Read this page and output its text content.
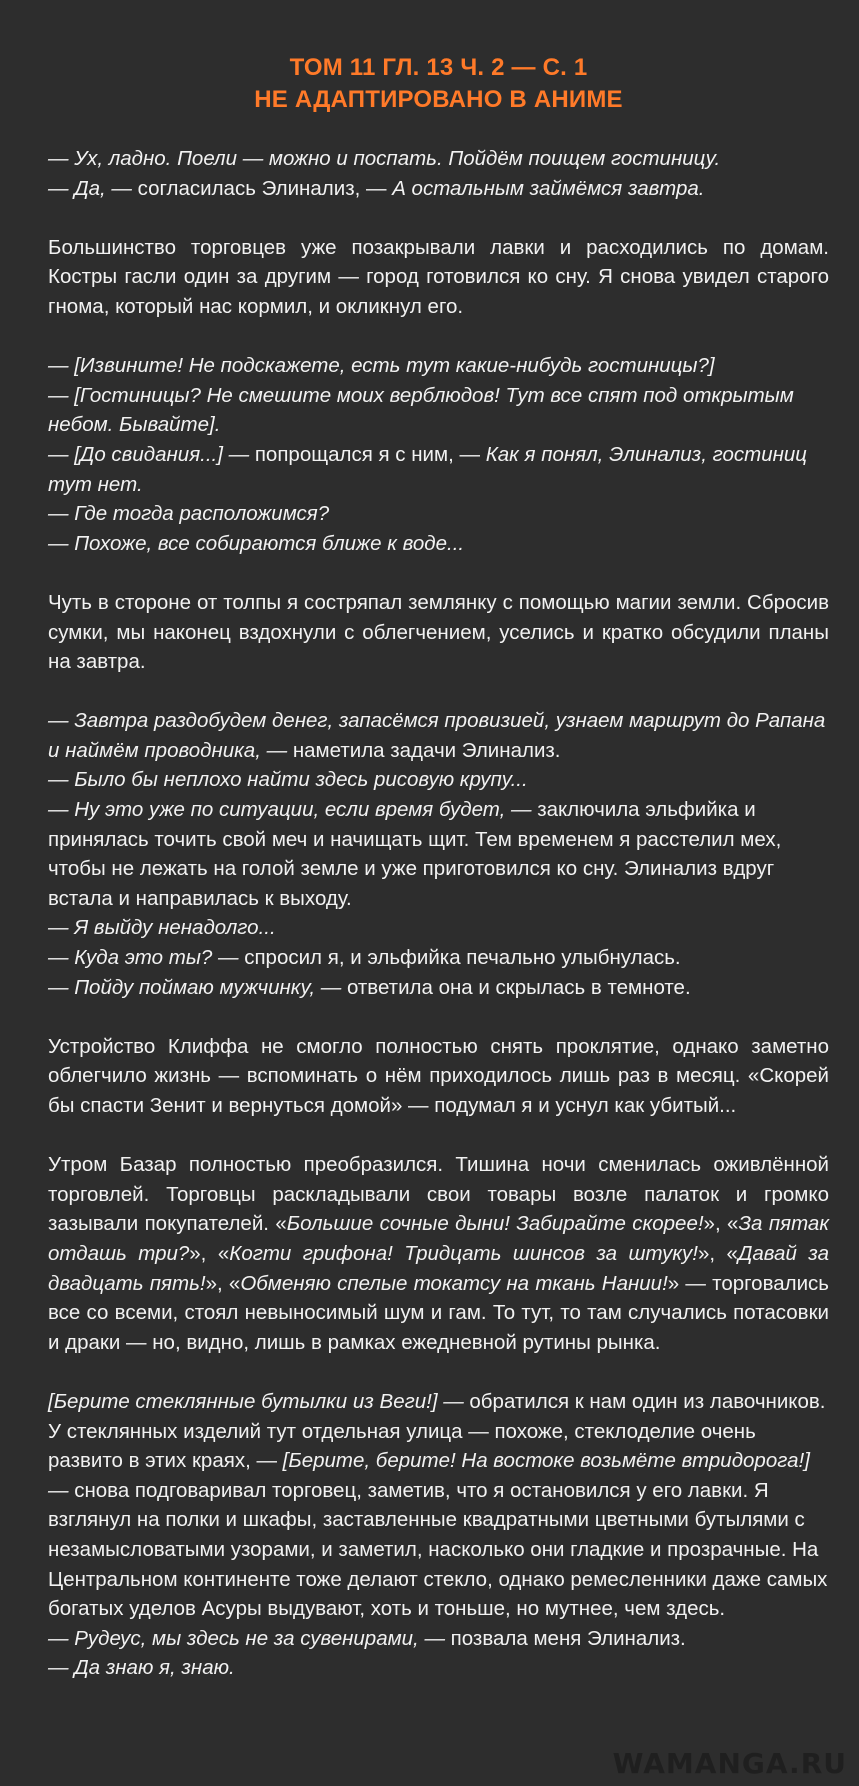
ТОМ 11 ГЛ. 13 Ч. 2 — С. 1
НЕ АДАПТИРОВАНО В АНИМЕ
— Ух, ладно. Поели — можно и поспать. Пойдём поищем гостиницу.
— Да, — согласилась Элинализ, — А остальным займёмся завтра.
Большинство торговцев уже позакрывали лавки и расходились по домам. Костры гасли один за другим — город готовился ко сну. Я снова увидел старого гнома, который нас кормил, и окликнул его.
— [Извините! Не подскажете, есть тут какие-нибудь гостиницы?]
— [Гостиницы? Не смешите моих верблюдов! Тут все спят под открытым небом. Бывайте].
— [До свидания...] — попрощался я с ним, — Как я понял, Элинализ, гостиниц тут нет.
— Где тогда расположимся?
— Похоже, все собираются ближе к воде...
Чуть в стороне от толпы я состряпал землянку с помощью магии земли. Сбросив сумки, мы наконец вздохнули с облегчением, уселись и кратко обсудили планы на завтра.
— Завтра раздобудем денег, запасёмся провизией, узнаем маршрут до Рапана и наймём проводника, — наметила задачи Элинализ.
— Было бы неплохо найти здесь рисовую крупу...
— Ну это уже по ситуации, если время будет, — заключила эльфийка и принялась точить свой меч и начищать щит. Тем временем я расстелил мех, чтобы не лежать на голой земле и уже приготовился ко сну. Элинализ вдруг встала и направилась к выходу.
— Я выйду ненадолго...
— Куда это ты? — спросил я, и эльфийка печально улыбнулась.
— Пойду поймаю мужчинку, — ответила она и скрылась в темноте.
Устройство Клиффа не смогло полностью снять проклятие, однако заметно облегчило жизнь — вспоминать о нём приходилось лишь раз в месяц. «Скорей бы спасти Зенит и вернуться домой» — подумал я и уснул как убитый...
Утром Базар полностью преобразился. Тишина ночи сменилась оживлённой торговлей. Торговцы раскладывали свои товары возле палаток и громко зазывали покупателей. «Большие сочные дыни! Забирайте скорее!», «За пятак отдашь три?», «Когти грифона! Тридцать шинсов за штуку!», «Давай за двадцать пять!», «Обменяю спелые токатсу на ткань Нании!» — торговались все со всеми, стоял невыносимый шум и гам. То тут, то там случались потасовки и драки — но, видно, лишь в рамках ежедневной рутины рынка.
[Берите стеклянные бутылки из Веги!] — обратился к нам один из лавочников. У стеклянных изделий тут отдельная улица — похоже, стеклоделие очень развито в этих краях, — [Берите, берите! На востоке возьмёте втридорога!] — снова подговаривал торговец, заметив, что я остановился у его лавки. Я взглянул на полки и шкафы, заставленные квадратными цветными бутылями с незамысловатыми узорами, и заметил, насколько они гладкие и прозрачные. На Центральном континенте тоже делают стекло, однако ремесленники даже самых богатых уделов Асуры выдувают, хоть и тоньше, но мутнее, чем здесь.
— Рудеус, мы здесь не за сувенирами, — позвала меня Элинализ.
— Да знаю я, знаю.
WAMANGA.RU
